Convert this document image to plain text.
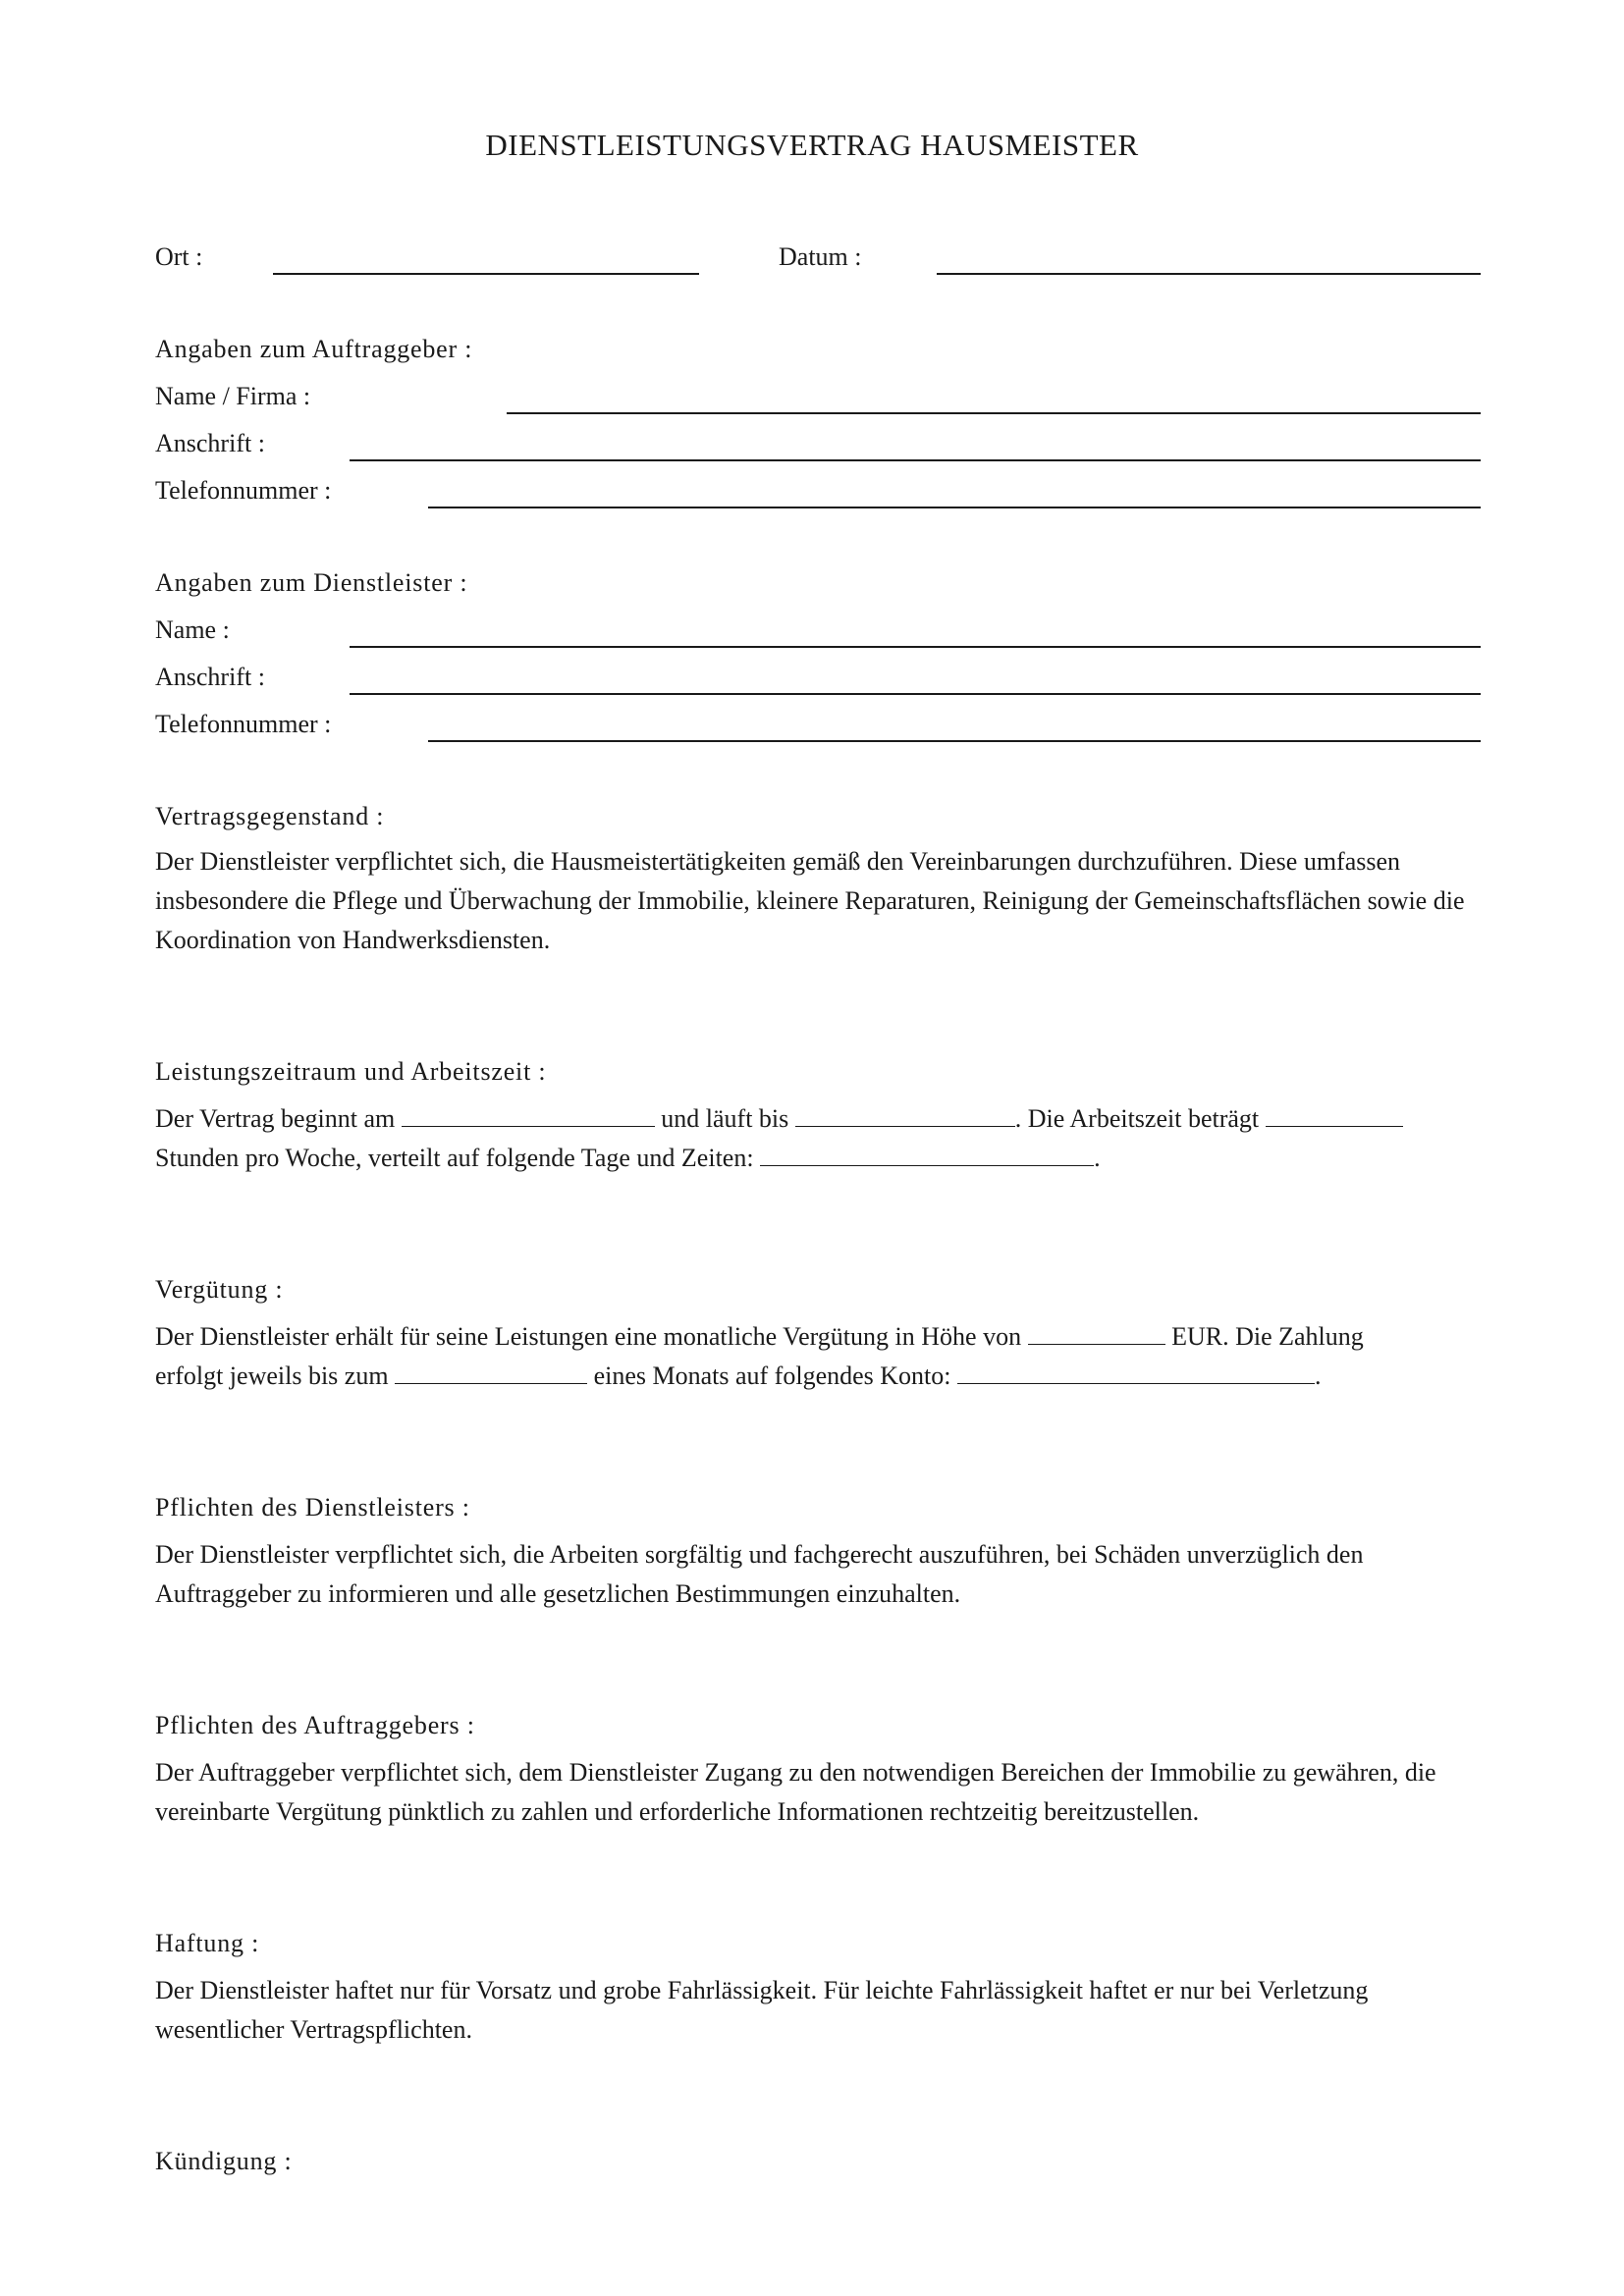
DIENSTLEISTUNGSVERTRAG HAUSMEISTER
Ort :	Datum :
Angaben zum Auftraggeber :
Name / Firma :
Anschrift :
Telefonnummer :
Angaben zum Dienstleister :
Name :
Anschrift :
Telefonnummer :
Vertragsgegenstand :
Der Dienstleister verpflichtet sich, die Hausmeistertätigkeiten gemäß den Vereinbarungen durchzuführen. Diese umfassen insbesondere die Pflege und Überwachung der Immobilie, kleinere Reparaturen, Reinigung der Gemeinschaftsflächen sowie die Koordination von Handwerksdiensten.
Leistungszeitraum und Arbeitszeit :
Der Vertrag beginnt am	und läuft bis	. Die Arbeitszeit beträgt
Stunden pro Woche, verteilt auf folgende Tage und Zeiten:	.
Vergütung :
Der Dienstleister erhält für seine Leistungen eine monatliche Vergütung in Höhe von	EUR. Die Zahlung
erfolgt jeweils bis zum	eines Monats auf folgendes Konto:	.
Pflichten des Dienstleisters :
Der Dienstleister verpflichtet sich, die Arbeiten sorgfältig und fachgerecht auszuführen, bei Schäden unverzüglich den Auftraggeber zu informieren und alle gesetzlichen Bestimmungen einzuhalten.
Pflichten des Auftraggebers :
Der Auftraggeber verpflichtet sich, dem Dienstleister Zugang zu den notwendigen Bereichen der Immobilie zu gewähren, die vereinbarte Vergütung pünktlich zu zahlen und erforderliche Informationen rechtzeitig bereitzustellen.
Haftung :
Der Dienstleister haftet nur für Vorsatz und grobe Fahrlässigkeit. Für leichte Fahrlässigkeit haftet er nur bei Verletzung wesentlicher Vertragspflichten.
Kündigung :
